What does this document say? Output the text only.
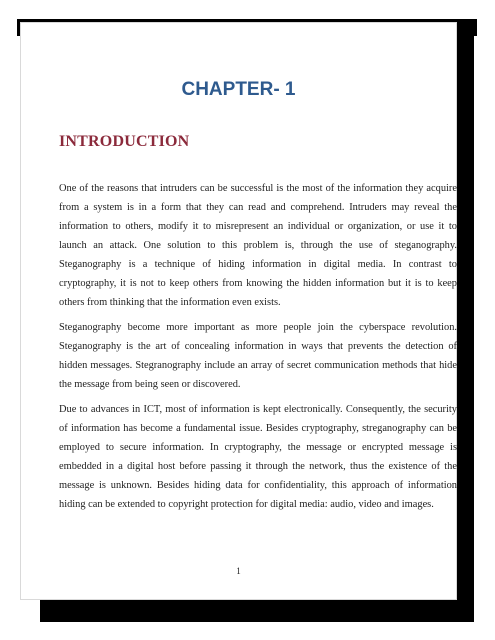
CHAPTER- 1
INTRODUCTION

One of the reasons that intruders can be successful is the most of the information they acquire from a system is in a form that they can read and comprehend. Intruders may reveal the information to others, modify it to misrepresent an individual or organization, or use it to launch an attack. One solution to this problem is, through the use of steganography. Steganography is a technique of hiding information in digital media. In contrast to cryptography, it is not to keep others from knowing the hidden information but it is to keep others from thinking that the information even exists.

Steganography become more important as more people join the cyberspace revolution. Steganography is the art of concealing information in ways that prevents the detection of hidden messages. Stegranography include an array of secret communication methods that hide the message from being seen or discovered.

Due to advances in ICT, most of information is kept electronically. Consequently, the security of information has become a fundamental issue. Besides cryptography, streganography can be employed to secure information. In cryptography, the message or encrypted message is embedded in a digital host before passing it through the network, thus the existence of the message is unknown. Besides hiding data for confidentiality, this approach of information hiding can be extended to copyright protection for digital media: audio, video and images.

1
